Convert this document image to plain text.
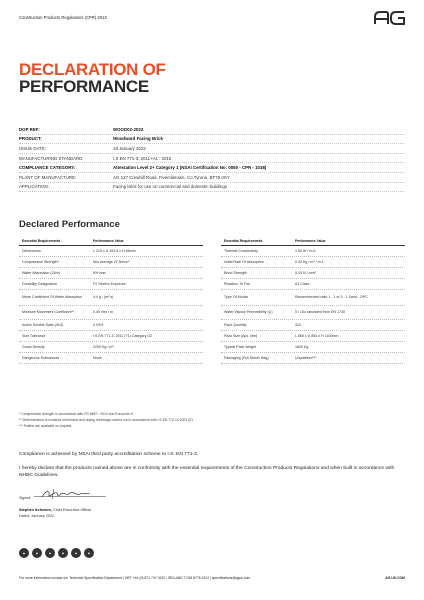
Construction Products Regulations (CPR) 2013
DECLARATION OF
PERFORMANCE
DOP REF:	WOOD02-2022
PRODUCT:	Woodward Facing Brick
ISSUE DATE:	19 January 2022
MANUFACTURING STANDARD:	I.S EN 771-3: 2011+A1 : 2015
COMPLIANCE CATEGORY:	Attestation Level 2+ Category 1 (NSAI Certification No: 0050 - CPR - 1038)
PLANT OF MANUFACTURE:	AG 127 Crewhill Road, Fivemiletown, Co.Tyrone, BT75 0SY
APPLICATION:	Facing brick for use on commercial and domestic buildings
Declared Performance
Essential Requirements	Performance Value
Dimensions	L 215 x D 102.5 x H 65mm
Compressive Strength*	Min average 22 N/mm²
Water Absorption (24hr)	6% max
Durability Designation	F2 Severe Exposure
Mean Coefficient Of Water Absorption	4.4 g / (m² s)
Moisture Movement Coefficient**	0.45 mm / m
Active Soluble Salts (Sc3)	0.03%
Size Tolerance	I.S EN 771-3: 2011 (T1) Category D2
Gross Density	2200 Kg / m³
Dangerous Substances	None
Essential Requirements	Performance Value
Thermal Conductivity	1.54 W / m.K
Initial Rate Of Absorption	0.42 Kg / m² / m-1
Bond Strength	0.15 N / mm²
Reaction To Fire	A1 Class
Type Of Mortar	Recommended ratio 1 : 1 or 5 : 1 Sand : OPC
Water Vapour Permeability (U)	5 / 15u tabulated from EN 1745
Pack Quantity	312
Pack Size [Apx. Mm]	L 850 x D 850 x H 1100mm
Typical Pack Weight	1600 Kg
Packaging (Full Shrink Bag)	Unpaletted***
* Compressive strength in accordance with PD 6697 : 2010 and Eurocode 6.
** Determination of moisture movement and drying shrinkage carried out in accordance with I.S EN 772-14:2001 (E)
*** Pallets are available on request.

Compliance is achieved by NSAI third party accreditation scheme to I.S. EN 771-3.

I hereby declare that the products named above are in conformity with the essential requirements of the Construction Products Regulations and when built in accordance with NHBC Guidelines.

Signed:
Stephen Acheson, Chief Executive Officer
Dated: January 2022
◆	◆	◆	◆	◆	◆
For more information contact our Technical Specification Department | GBT +44 (0) 871 747 0232 | IRELAND T 028 8776 0312 | specifications@aguk.com	AG.UK.COM
